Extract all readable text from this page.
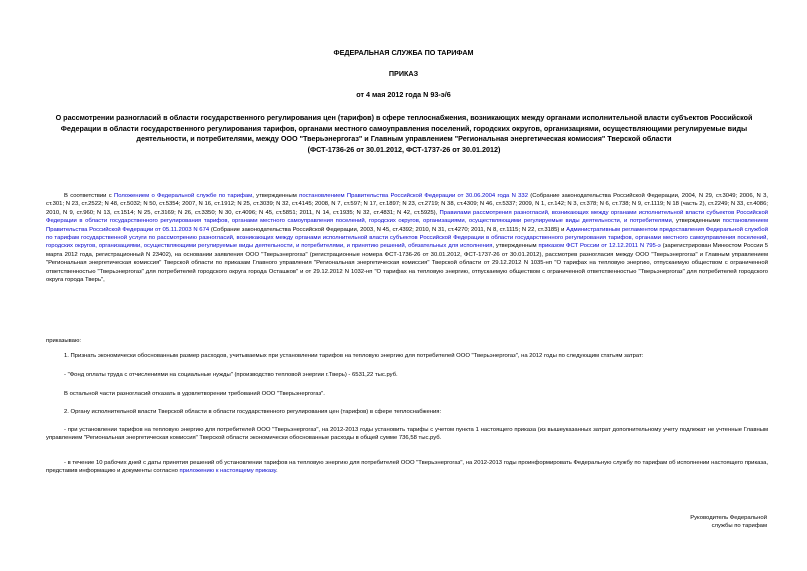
ФЕДЕРАЛЬНАЯ СЛУЖБА ПО ТАРИФАМ

ПРИКАЗ

от 4 мая 2012 года N 93-э/6

О рассмотрении разногласий в области государственного регулирования цен (тарифов) в сфере теплоснабжения, возникающих между органами исполнительной власти субъектов Российской Федерации в области государственного регулирования тарифов, органами местного самоуправления поселений, городских округов, организациями, осуществляющими регулируемые виды деятельности, и потребителями, между ООО "Тверьэнергогаз" и Главным управлением "Региональная энергетическая комиссия" Тверской области
(ФСТ-1736-26 от 30.01.2012, ФСТ-1737-26 от 30.01.2012)

В соответствии с Положением о Федеральной службе по тарифам, утвержденным постановлением Правительства Российской Федерации от 30.06.2004 года N 332 (Собрание законодательства Российской Федерации, 2004, N 29, ст.3049; 2006, N 3, ст.301; N 23, ст.2522; N 48, ст.5032; N 50, ст.5354; 2007, N 16, ст.1912; N 25, ст.3039; N 32, ст.4145; 2008, N 7, ст.597; N 17, ст.1897; N 23, ст.2719; N 38, ст.4309; N 46, ст.5337; 2009, N 1, ст.142; N 3, ст.378; N 6, ст.738; N 9, ст.1119; N 18 (часть 2), ст.2249; N 33, ст.4086; 2010, N 9, ст.960; N 13, ст.1514; N 25, ст.3169; N 26, ст.3350; N 30, ст.4096; N 45, ст.5851; 2011, N 14, ст.1935; N 32, ст.4831; N 42, ст.5925), Правилами рассмотрения разногласий, возникающих между органами исполнительной власти субъектов Российской Федерации в области государственного регулирования тарифов, органами местного самоуправления поселений, городских округов, организациями, осуществляющими регулируемые виды деятельности, и потребителями, утвержденными постановлением Правительства Российской Федерации от 05.11.2003 N 674 (Собрание законодательства Российской Федерации, 2003, N 45, ст.4392; 2010, N 31, ст.4270; 2011, N 8, ст.1115; N 22, ст.3185) и Административным регламентом предоставления Федеральной службой по тарифам государственной услуги по рассмотрению разногласий, возникающих между органами исполнительной власти субъектов Российской Федерации в области государственного регулирования тарифов, органами местного самоуправления поселений, городских округов, организациями, осуществляющими регулируемые виды деятельности, и потребителями, и принятию решений, обязательных для исполнения, утвержденным приказом ФСТ России от 12.12.2011 N 795-э (зарегистрирован Минюстом России 5 марта 2012 года, регистрационный N 23402), на основании заявления ООО "Тверьэнергогаз" (регистрационные номера ФСТ-1736-26 от 30.01.2012, ФСТ-1737-26 от 30.01.2012), рассмотрев разногласия между ООО "Тверьэнергогаз" и Главным управлением "Региональная энергетическая комиссия" Тверской области по приказам Главного управления "Региональная энергетическая комиссия" Тверской области от 29.12.2012 N 1035-нп "О тарифах на тепловую энергию, отпускаемую обществом с ограниченной ответственностью "Тверьэнергогаз" для потребителей городского округа города Осташков" и от 29.12.2012 N 1032-нп "О тарифах на тепловую энергию, отпускаемую обществом с ограниченной ответственностью "Тверьэнергогаз" для потребителей городского округа города Тверь",

приказываю:

1. Признать экономически обоснованным размер расходов, учитываемых при установлении тарифов на тепловую энергию для потребителей ООО "Тверьэнергогаз", на 2012 годы по следующим статьям затрат:

- "Фонд оплаты труда с отчислениями на социальные нужды" (производство тепловой энергии г.Тверь) - 6531,22 тыс.руб.

В остальной части разногласий отказать в удовлетворении требований ООО "Тверьэнергогаз".

2. Органу исполнительной власти Тверской области в области государственного регулирования цен (тарифов) в сфере теплоснабжения:

- при установлении тарифов на тепловую энергию для потребителей ООО "Тверьэнергогаз", на 2012-2013 годы установить тарифы с учетом пункта 1 настоящего приказа (из вышеуказанных затрат дополнительному учету подлежат не учтенные Главным управлением "Региональная энергетическая комиссия" Тверской области экономически обоснованные расходы в общей сумме 736,58 тыс.руб.

- в течение 10 рабочих дней с даты принятия решений об установлении тарифов на тепловую энергию для потребителей ООО "Тверьэнергогаз", на 2012-2013 годы проинформировать Федеральную службу по тарифам об исполнении настоящего приказа, представив информацию и документы согласно приложению к настоящему приказу.

Руководитель Федеральной
службы по тарифам
